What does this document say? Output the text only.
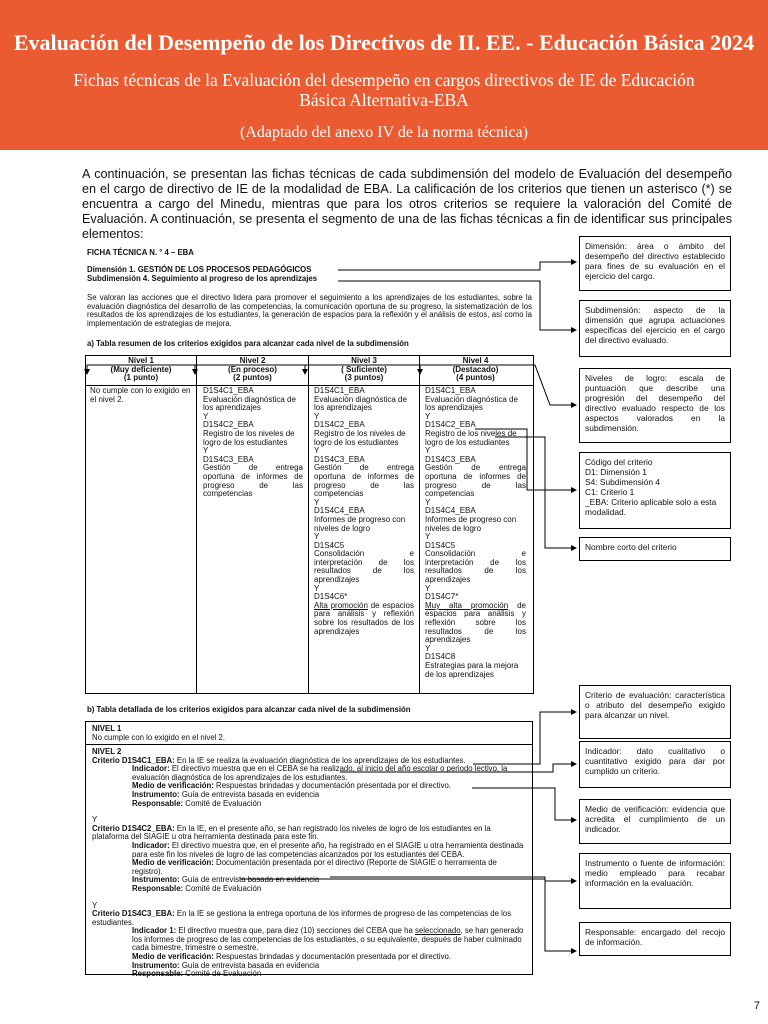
Evaluación del Desempeño de los Directivos de II. EE. - Educación Básica 2024
Fichas técnicas de la Evaluación del desempeño en cargos directivos de IE de Educación
Básica Alternativa-EBA
(Adaptado del anexo IV de la norma técnica)
A continuación, se presentan las fichas técnicas de cada subdimensión del modelo de Evaluación del desempeño en el cargo de directivo de IE de la modalidad de EBA. La calificación de los criterios que tienen un asterisco (*) se encuentra a cargo del Minedu, mientras que para los otros criterios se requiere la valoración del Comité de Evaluación. A continuación, se presenta el segmento de una de las fichas técnicas a fin de identificar sus principales elementos:
FICHA TÉCNICA N. ° 4 – EBA
Dimensión 1. GESTIÓN DE LOS PROCESOS PEDAGÓGICOS
Subdimensión 4. Seguimiento al progreso de los aprendizajes
Se valoran las acciones que el directivo lidera para promover el seguimiento a los aprendizajes de los estudiantes, sobre la evaluación diagnóstica del desarrollo de las competencias, la comunicación oportuna de su progreso, la sistematización de los resultados de los aprendizajes de los estudiantes, la generación de espacios para la reflexión y el análisis de estos, así como la implementación de estrategias de mejora.
a) Tabla resumen de los criterios exigidos para alcanzar cada nivel de la subdimensión
Nivel 1
(Muy deficiente)
(1 punto)
Nivel 2
(En proceso)
(2 puntos)
Nivel 3
( Suficiente)
(3 puntos)
Nivel 4
(Destacado)
(4 puntos)
No cumple con lo exigido en el nivel 2.

D1S4C1_EBA

Evaluación diagnóstica de los aprendizajes

Y

D1S4C2_EBA

Registro de los niveles de logro de los estudiantes

Y

D1S4C3_EBA

Gestión de entrega oportuna de informes de progreso de las competencias

D1S4C1_EBA

Evaluación diagnóstica de los aprendizajes

Y

D1S4C2_EBA

Registro de los niveles de logro de los estudiantes

Y

D1S4C3_EBA

Gestión de entrega oportuna de informes de progreso de las competencias

Y

D1S4C4_EBA

Informes de progreso con niveles de logro

Y

D1S4C5

Consolidación e interpretación de los resultados de los aprendizajes

Y

D1S4C6*

Alta promoción de espacios para análisis y reflexión sobre los resultados de los aprendizajes

D1S4C1_EBA

Evaluación diagnóstica de los aprendizajes

Y

D1S4C2_EBA

Registro de los niveles de logro de los estudiantes

Y

D1S4C3_EBA

Gestión de entrega oportuna de informes de progreso de las competencias

Y

D1S4C4_EBA

Informes de progreso con niveles de logro

Y

D1S4C5

Consolidación e interpretación de los resultados de los aprendizajes

Y

D1S4C7*

Muy alta promoción de espacios para análisis y reflexión sobre los resultados de los aprendizajes

Y

D1S4C8

Estrategias para la mejora de los aprendizajes

b) Tabla detallada de los criterios exigidos para alcanzar cada nivel de la subdimensión
NIVEL 1
No cumple con lo exigido en el nivel 2.
NIVEL 2
Criterio D1S4C1_EBA: En la IE se realiza la evaluación diagnóstica de los aprendizajes de los estudiantes.
Indicador: El directivo muestra que en el CEBA se ha realizado, al inicio del año escolar o periodo lectivo, la evaluación diagnóstica de los aprendizajes de los estudiantes.
Medio de verificación: Respuestas brindadas y documentación presentada por el directivo.
Instrumento: Guía de entrevista basada en evidencia
Responsable: Comité de Evaluación
Y
Criterio D1S4C2_EBA: En la IE, en el presente año, se han registrado los niveles de logro de los estudiantes en la plataforma del SIAGIE u otra herramienta destinada para este fin.
Indicador: El directivo muestra que, en el presente año, ha registrado en el SIAGIE u otra herramienta destinada para este fin los niveles de logro de las competencias alcanzados por los estudiantes del CEBA.
Medio de verificación: Documentación presentada por el directivo (Reporte de SIAGIE o herramienta de registro).
Instrumento: Guía de entrevista basada en evidencia
Responsable: Comité de Evaluación
Y
Criterio D1S4C3_EBA: En la IE se gestiona la entrega oportuna de los informes de progreso de las competencias de los estudiantes.
Indicador 1: El directivo muestra que, para diez (10) secciones del CEBA que ha seleccionado, se han generado los informes de progreso de las competencias de los estudiantes, o su equivalente, después de haber culminado cada bimestre, trimestre o semestre.
Medio de verificación: Respuestas brindadas y documentación presentada por el directivo.
Instrumento: Guía de entrevista basada en evidencia
Responsable: Comité de Evaluación
Dimensión: área o ámbito del desempeño del directivo establecido para fines de su evaluación en el ejercicio del cargo.
Subdimensión: aspecto de la dimensión que agrupa actuaciones específicas del ejercicio en el cargo del directivo evaluado.
Niveles de logro: escala de puntuación que describe una progresión del desempeño del directivo evaluado respecto de los aspectos valorados en la subdimensión.
Código del criterio
D1: Dimensión 1
S4: Subdimensión 4
C1: Criterio 1
_EBA: Criterio aplicable solo a esta modalidad.
Nombre corto del criterio
Criterio de evaluación: característica o atributo del desempeño exigido para alcanzar un nivel.
Indicador: dato cualitativo o cuantitativo exigido para dar por cumplido un criterio.
Medio de verificación: evidencia que acredita el cumplimiento de un indicador.
Instrumento o fuente de información: medio empleado para recabar información en la evaluación.
Responsable: encargado del recojo de información.
7
